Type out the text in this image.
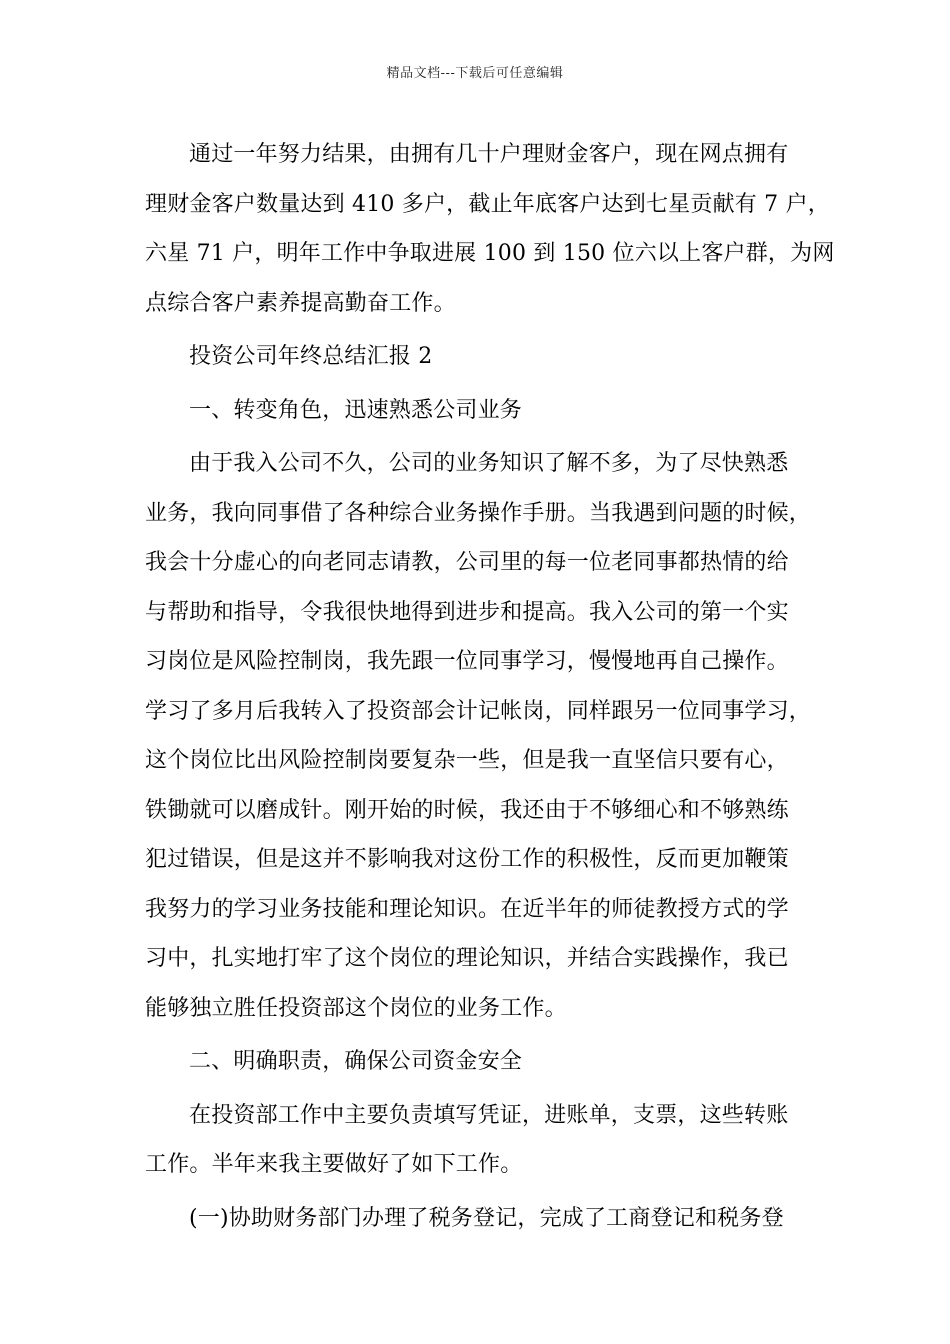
精品文档---下载后可任意编辑
通过一年努力结果，由拥有几十户理财金客户，现在网点拥有
理财金客户数量达到 410 多户，截止年底客户达到七星贡献有 7 户，
六星 71 户，明年工作中争取进展 100 到 150 位六以上客户群，为网
点综合客户素养提高勤奋工作。
投资公司年终总结汇报 2
一、转变角色，迅速熟悉公司业务
由于我入公司不久，公司的业务知识了解不多，为了尽快熟悉
业务，我向同事借了各种综合业务操作手册。当我遇到问题的时候，
我会十分虚心的向老同志请教，公司里的每一位老同事都热情的给
与帮助和指导，令我很快地得到进步和提高。我入公司的第一个实
习岗位是风险控制岗，我先跟一位同事学习，慢慢地再自己操作。
学习了多月后我转入了投资部会计记帐岗，同样跟另一位同事学习，
这个岗位比出风险控制岗要复杂一些，但是我一直坚信只要有心，
铁锄就可以磨成针。刚开始的时候，我还由于不够细心和不够熟练
犯过错误，但是这并不影响我对这份工作的积极性，反而更加鞭策
我努力的学习业务技能和理论知识。在近半年的师徒教授方式的学
习中，扎实地打牢了这个岗位的理论知识，并结合实践操作，我已
能够独立胜任投资部这个岗位的业务工作。
二、明确职责，确保公司资金安全
在投资部工作中主要负责填写凭证，进账单，支票，这些转账
工作。半年来我主要做好了如下工作。
(一)协助财务部门办理了税务登记，完成了工商登记和税务登
